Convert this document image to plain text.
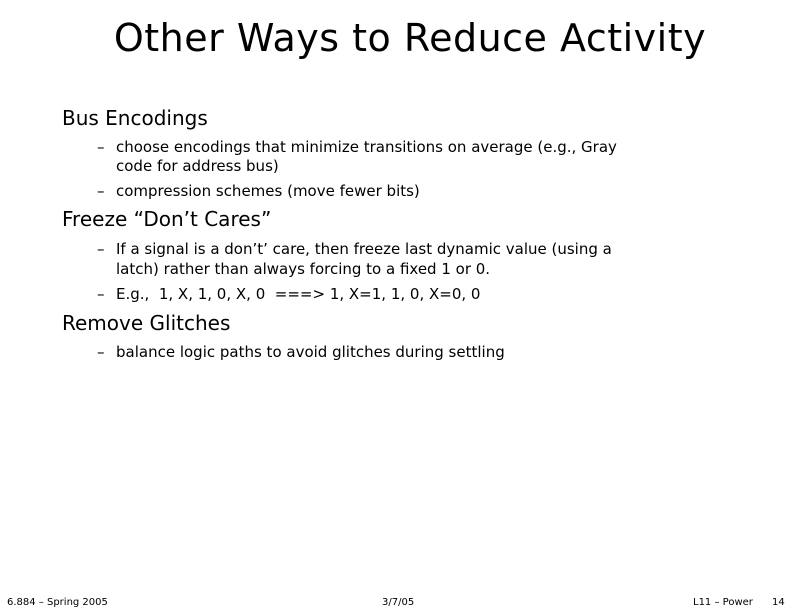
Other Ways to Reduce Activity
Bus Encodings
– choose encodings that minimize transitions on average (e.g., Gray
code for address bus)
– compression schemes (move fewer bits)
Freeze “Don’t Cares”
– If a signal is a don’t’ care, then freeze last dynamic value (using a
latch) rather than always forcing to a fixed 1 or 0.
– E.g.,  1, X, 1, 0, X, 0  ===> 1, X=1, 1, 0, X=0, 0
Remove Glitches
– balance logic paths to avoid glitches during settling
6.884 – Spring 2005	3/7/05	L11 – Power 14
